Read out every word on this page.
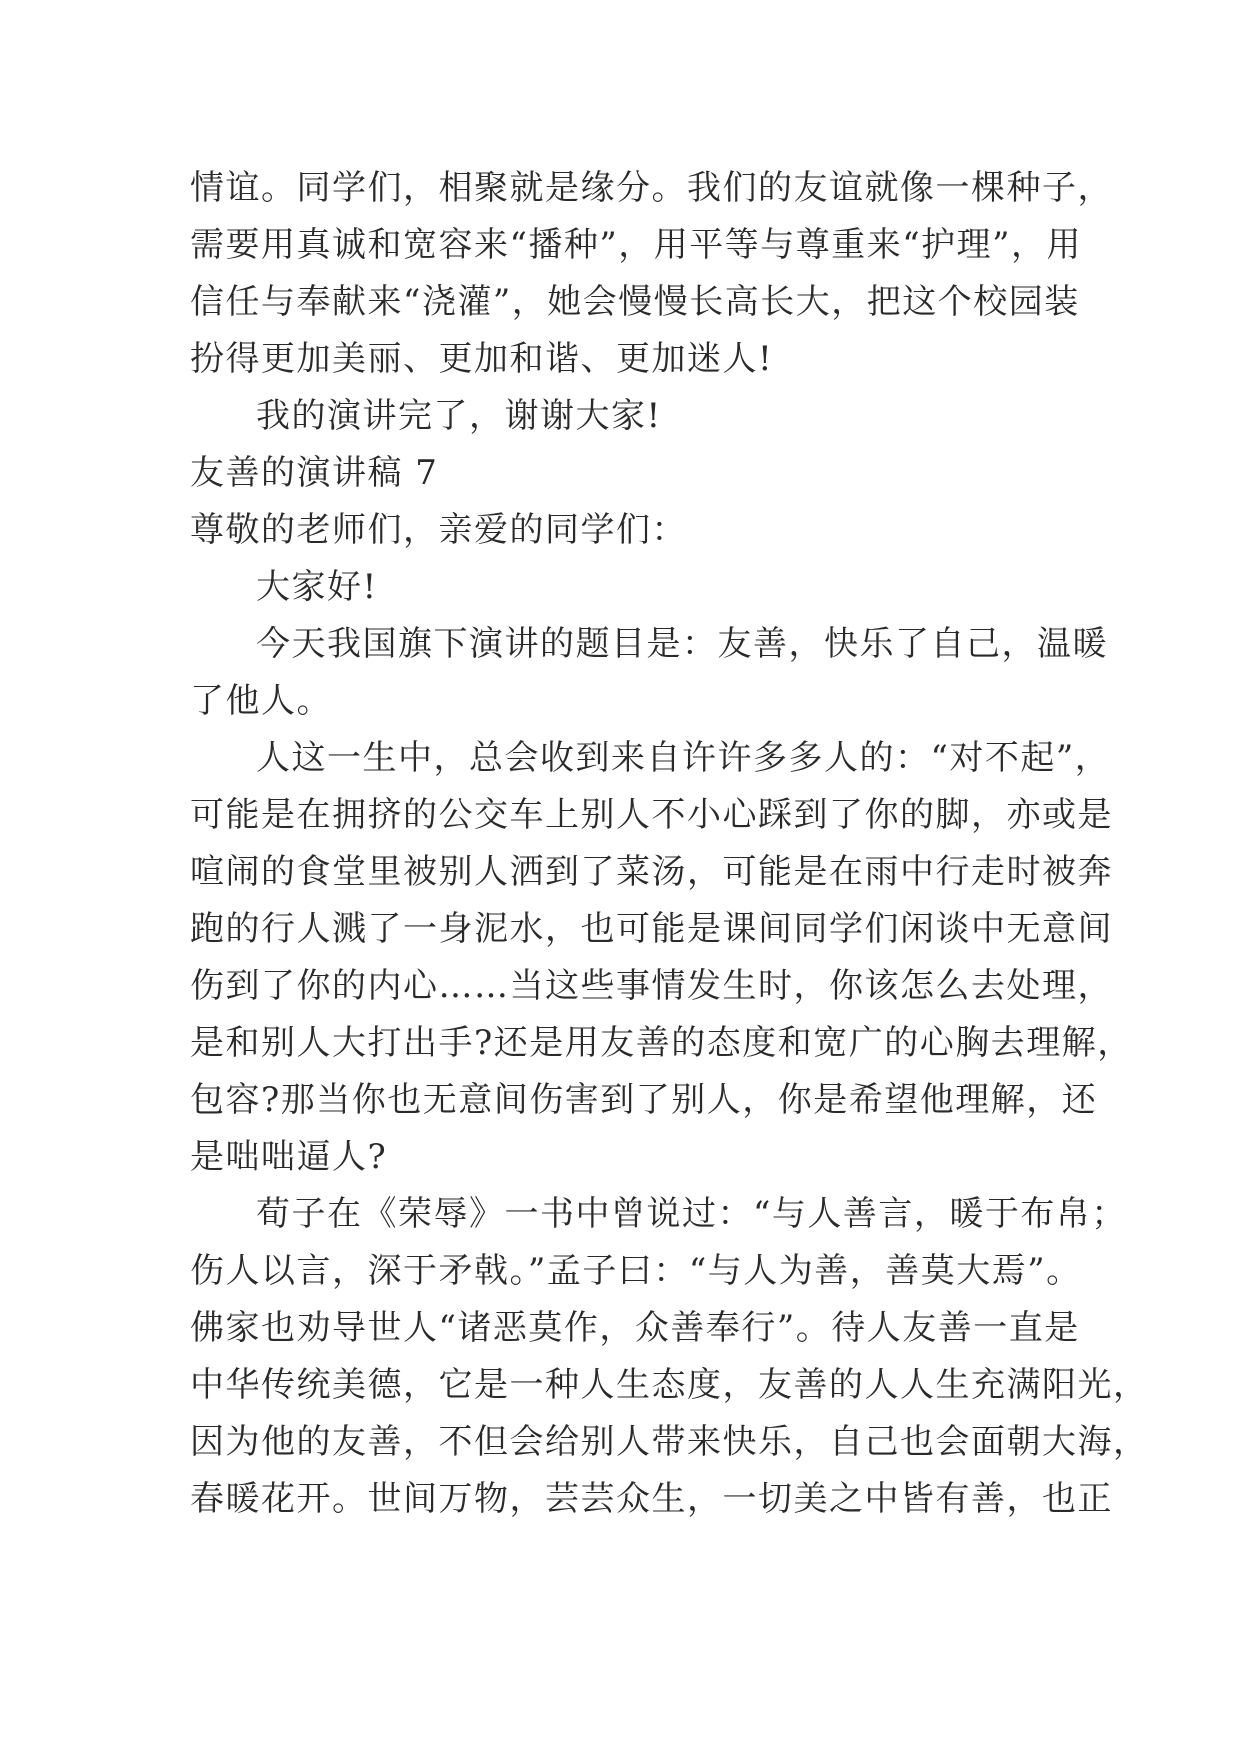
情谊。同学们，相聚就是缘分。我们的友谊就像一棵种子，
需要用真诚和宽容来“播种”，用平等与尊重来“护理”，用
信任与奉献来“浇灌”，她会慢慢长高长大，把这个校园装
扮得更加美丽、更加和谐、更加迷人!
我的演讲完了，谢谢大家!
友善的演讲稿 7
尊敬的老师们，亲爱的同学们：
大家好!
今天我国旗下演讲的题目是：友善，快乐了自己，温暖
了他人。
人这一生中，总会收到来自许许多多人的：“对不起”，
可能是在拥挤的公交车上别人不小心踩到了你的脚，亦或是
喧闹的食堂里被别人洒到了菜汤，可能是在雨中行走时被奔
跑的行人溅了一身泥水，也可能是课间同学们闲谈中无意间
伤到了你的内心……当这些事情发生时，你该怎么去处理，
是和别人大打出手?还是用友善的态度和宽广的心胸去理解，
包容?那当你也无意间伤害到了别人，你是希望他理解，还
是咄咄逼人?
荀子在《荣辱》一书中曾说过：“与人善言，暖于布帛；
伤人以言，深于矛戟。”孟子曰：“与人为善，善莫大焉”。
佛家也劝导世人“诸恶莫作，众善奉行”。待人友善一直是
中华传统美德，它是一种人生态度，友善的人人生充满阳光，
因为他的友善，不但会给别人带来快乐，自己也会面朝大海，
春暖花开。世间万物，芸芸众生，一切美之中皆有善，也正
